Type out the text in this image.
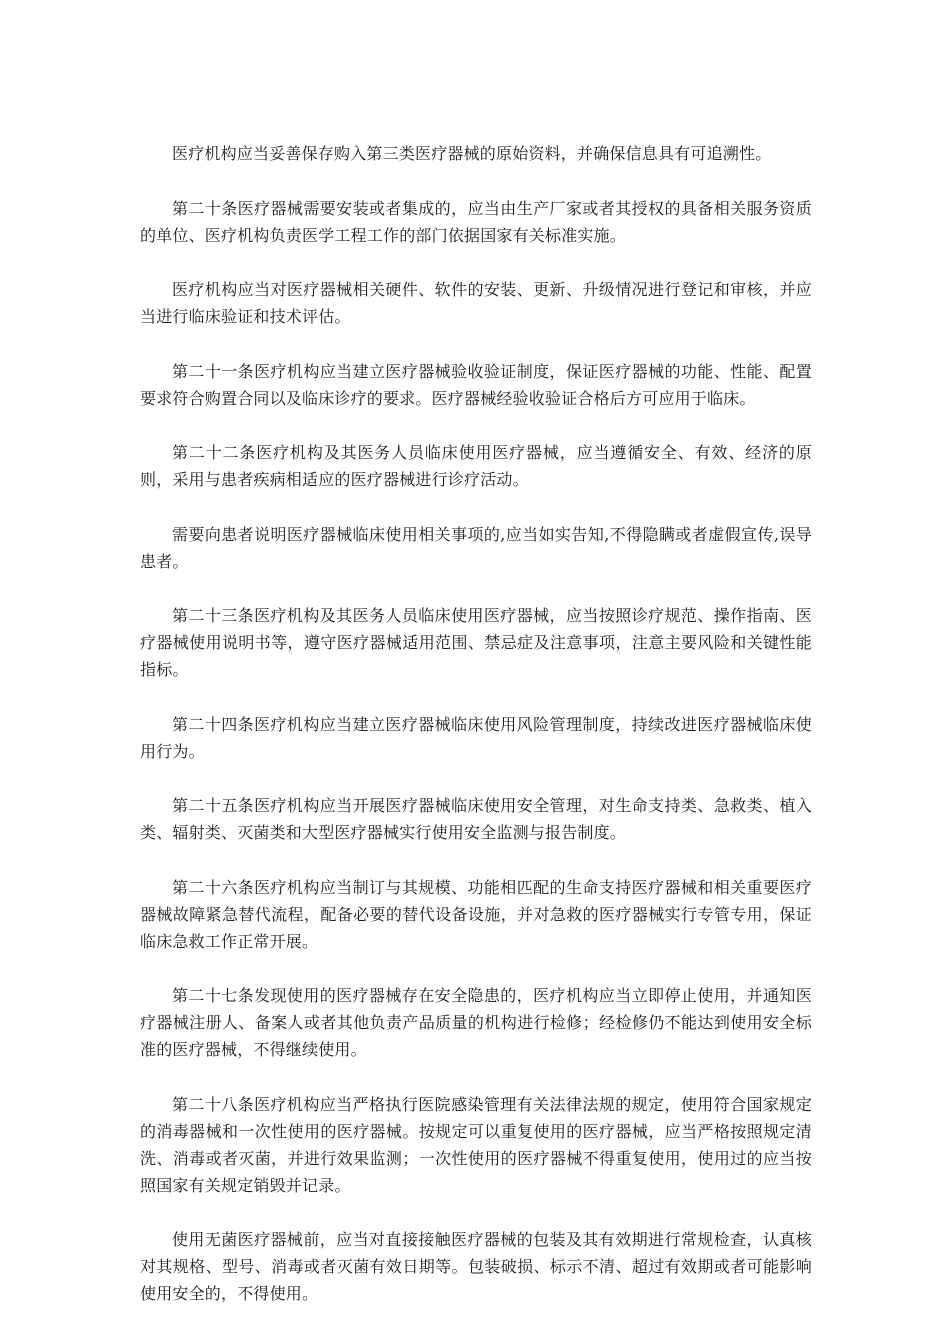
医疗机构应当妥善保存购入第三类医疗器械的原始资料，并确保信息具有可追溯性。

第二十条医疗器械需要安装或者集成的，应当由生产厂家或者其授权的具备相关服务资质的单位、医疗机构负责医学工程工作的部门依据国家有关标准实施。

医疗机构应当对医疗器械相关硬件、软件的安装、更新、升级情况进行登记和审核，并应当进行临床验证和技术评估。

第二十一条医疗机构应当建立医疗器械验收验证制度，保证医疗器械的功能、性能、配置要求符合购置合同以及临床诊疗的要求。医疗器械经验收验证合格后方可应用于临床。

第二十二条医疗机构及其医务人员临床使用医疗器械，应当遵循安全、有效、经济的原则，采用与患者疾病相适应的医疗器械进行诊疗活动。

需要向患者说明医疗器械临床使用相关事项的,应当如实告知,不得隐瞒或者虚假宣传,误导患者。

第二十三条医疗机构及其医务人员临床使用医疗器械，应当按照诊疗规范、操作指南、医疗器械使用说明书等，遵守医疗器械适用范围、禁忌症及注意事项，注意主要风险和关键性能指标。

第二十四条医疗机构应当建立医疗器械临床使用风险管理制度，持续改进医疗器械临床使用行为。

第二十五条医疗机构应当开展医疗器械临床使用安全管理，对生命支持类、急救类、植入类、辐射类、灭菌类和大型医疗器械实行使用安全监测与报告制度。

第二十六条医疗机构应当制订与其规模、功能相匹配的生命支持医疗器械和相关重要医疗器械故障紧急替代流程，配备必要的替代设备设施，并对急救的医疗器械实行专管专用，保证临床急救工作正常开展。

第二十七条发现使用的医疗器械存在安全隐患的，医疗机构应当立即停止使用，并通知医疗器械注册人、备案人或者其他负责产品质量的机构进行检修；经检修仍不能达到使用安全标准的医疗器械，不得继续使用。

第二十八条医疗机构应当严格执行医院感染管理有关法律法规的规定，使用符合国家规定的消毒器械和一次性使用的医疗器械。按规定可以重复使用的医疗器械，应当严格按照规定清洗、消毒或者灭菌，并进行效果监测；一次性使用的医疗器械不得重复使用，使用过的应当按照国家有关规定销毁并记录。

使用无菌医疗器械前，应当对直接接触医疗器械的包装及其有效期进行常规检查，认真核对其规格、型号、消毒或者灭菌有效日期等。包装破损、标示不清、超过有效期或者可能影响使用安全的，不得使用。
